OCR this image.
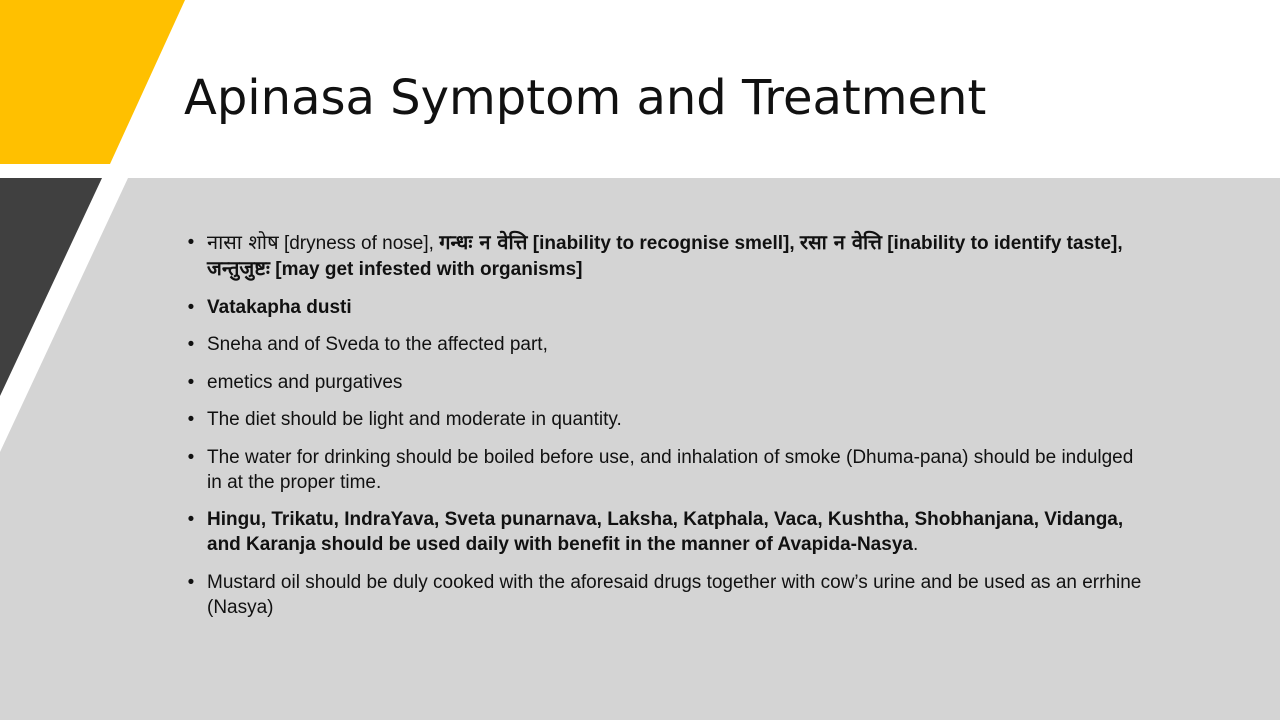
Apinasa Symptom and Treatment
• नासा शोष [dryness of nose], गन्धः न वेत्ति [inability to recognise smell], रसा न वेत्ति [inability to identify taste], जन्तुजुष्टः [may get infested with organisms]
• Vatakapha dusti
• Sneha and of Sveda to the affected part,
• emetics and purgatives
• The diet should be light and moderate in quantity.
• The water for drinking should be boiled before use, and inhalation of smoke (Dhuma-pana) should be indulged in at the proper time.
• Hingu, Trikatu, IndraYava, Sveta punarnava, Laksha, Katphala, Vaca, Kushtha, Shobhanjana, Vidanga, and Karanja should be used daily with benefit in the manner of Avapida-Nasya.
• Mustard oil should be duly cooked with the aforesaid drugs together with cow’s urine and be used as an errhine (Nasya)
